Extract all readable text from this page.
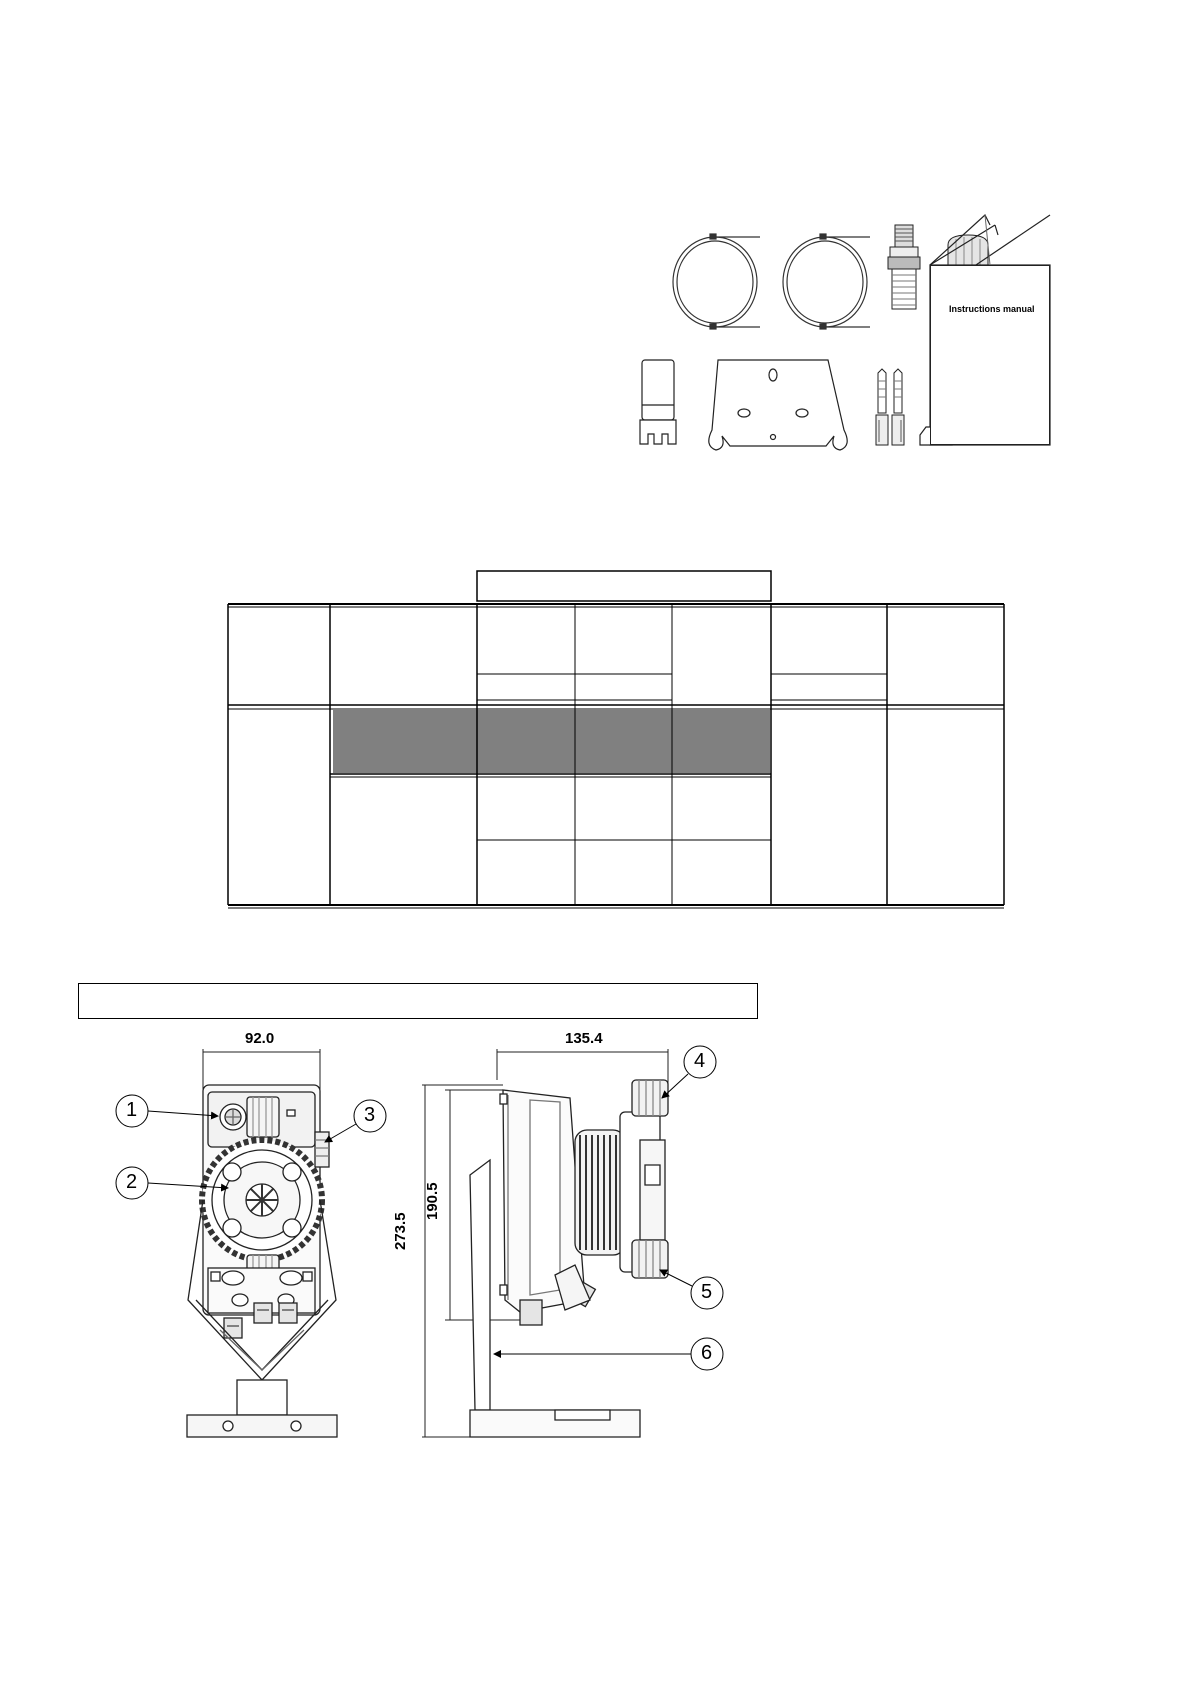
Instructions manual
92.0	135.4
273.5
190.5
1
2
3
4
5
6
